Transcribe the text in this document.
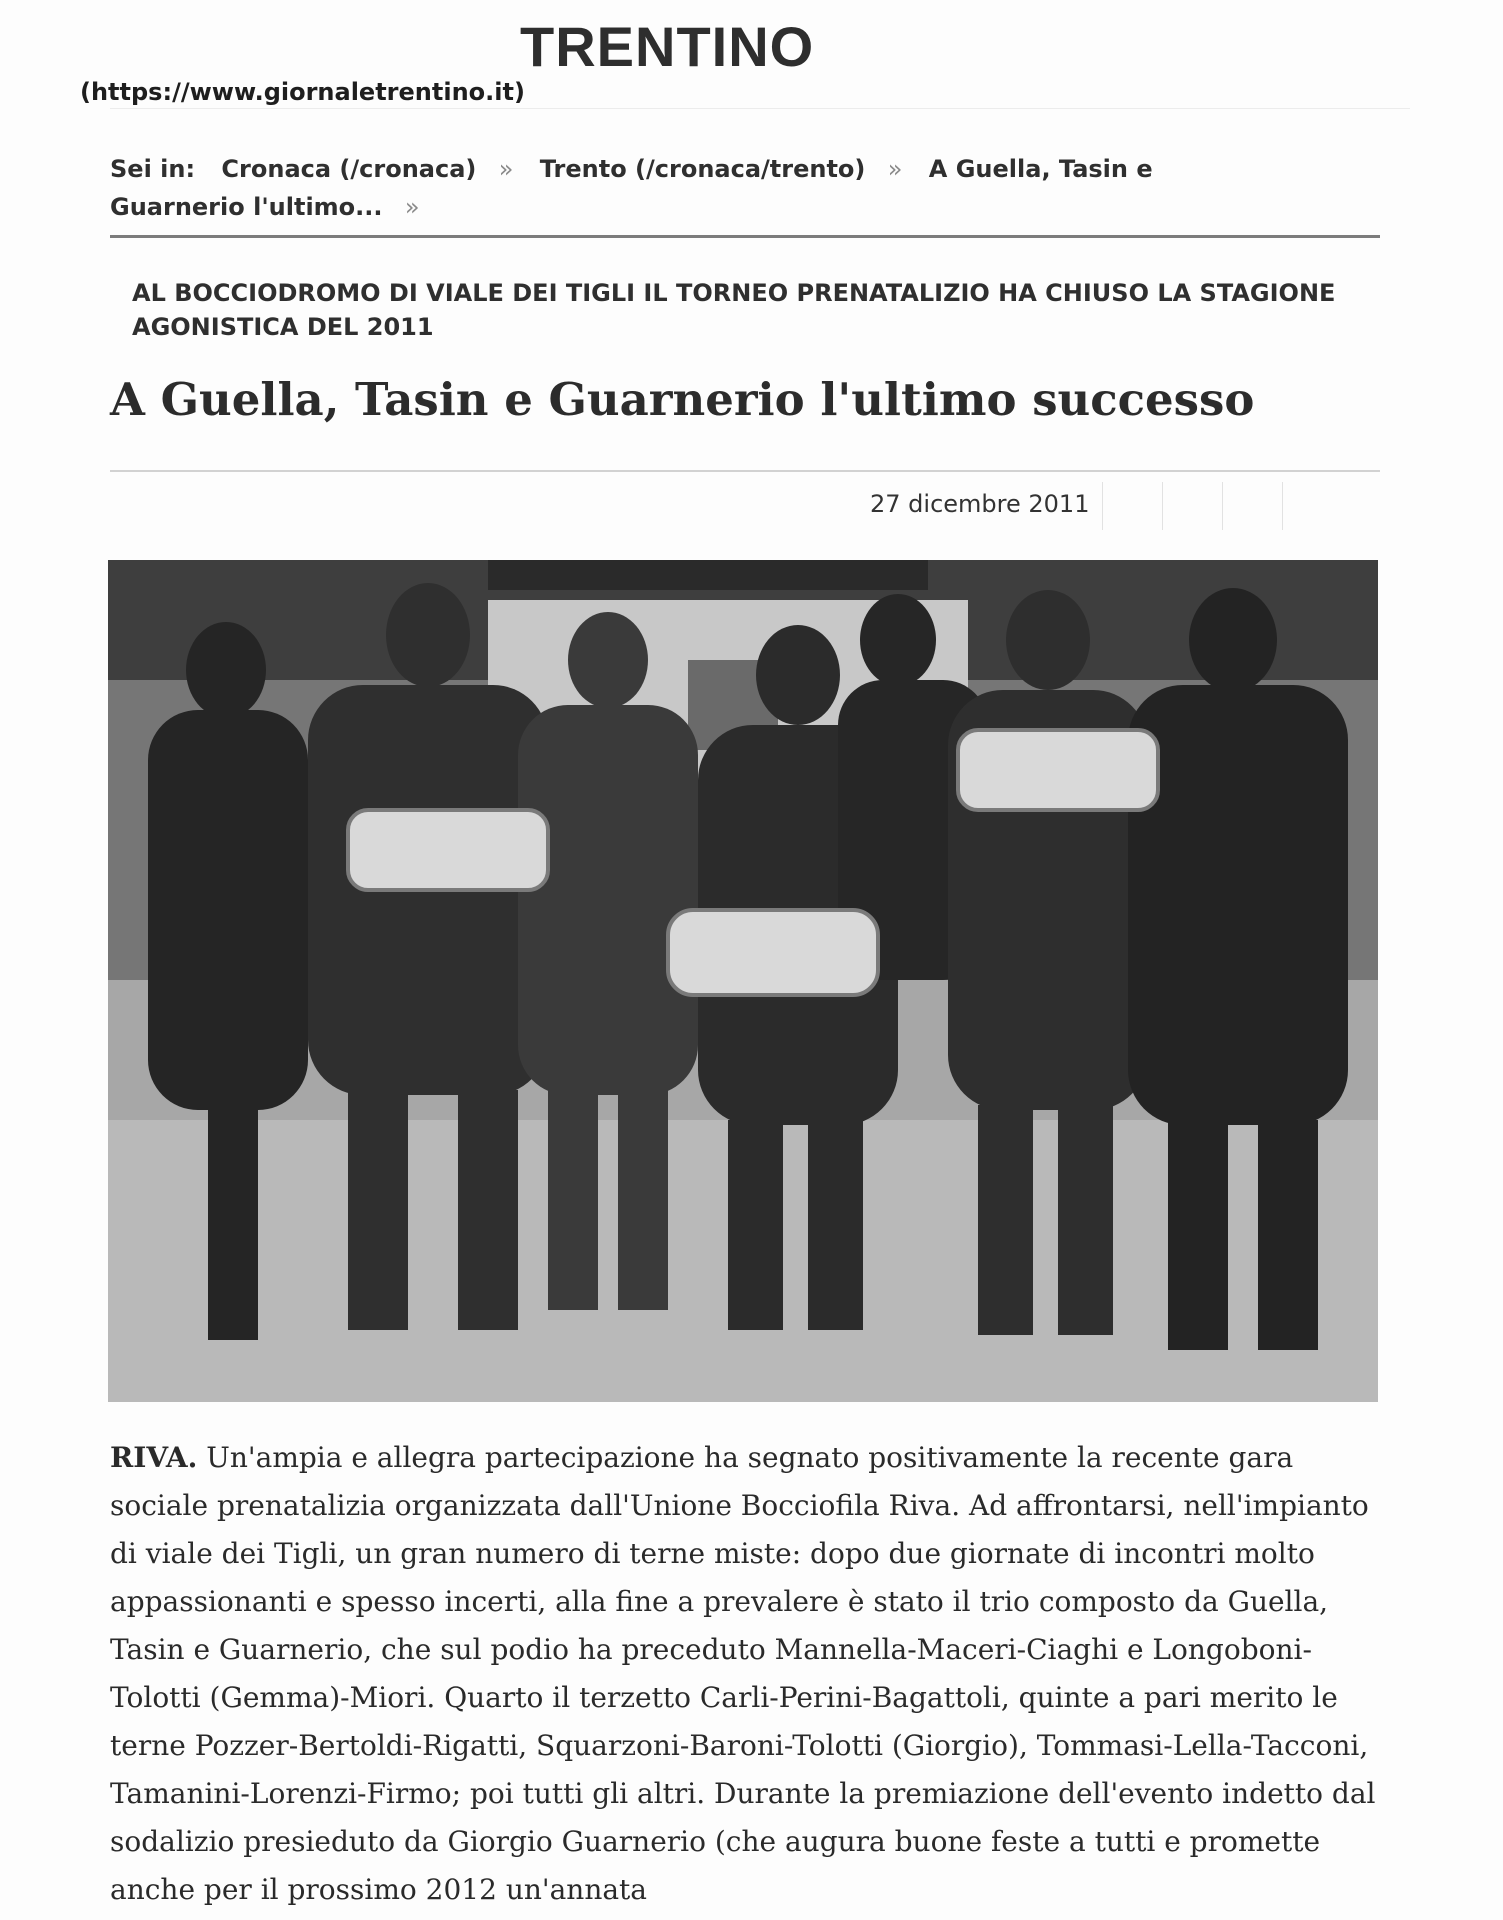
TRENTINO
(https://www.giornaletrentino.it)
Sei in: Cronaca (/cronaca) » Trento (/cronaca/trento) » A Guella, Tasin e Guarnerio l'ultimo... »
AL BOCCIODROMO DI VIALE DEI TIGLI IL TORNEO PRENATALIZIO HA CHIUSO LA STAGIONE AGONISTICA DEL 2011
A Guella, Tasin e Guarnerio l'ultimo successo
27 dicembre 2011

RIVA. Un'ampia e allegra partecipazione ha segnato positivamente la recente gara sociale prenatalizia organizzata dall'Unione Bocciofila Riva. Ad affrontarsi, nell'impianto di viale dei Tigli, un gran numero di terne miste: dopo due giornate di incontri molto appassionanti e spesso incerti, alla fine a prevalere è stato il trio composto da Guella, Tasin e Guarnerio, che sul podio ha preceduto Mannella-Maceri-Ciaghi e Longoboni-Tolotti (Gemma)-Miori. Quarto il terzetto Carli-Perini-Bagattoli, quinte a pari merito le terne Pozzer-Bertoldi-Rigatti, Squarzoni-Baroni-Tolotti (Giorgio), Tommasi-Lella-Tacconi, Tamanini-Lorenzi-Firmo; poi tutti gli altri. Durante la premiazione dell'evento indetto dal sodalizio presieduto da Giorgio Guarnerio (che augura buone feste a tutti e promette anche per il prossimo 2012 un'annata
